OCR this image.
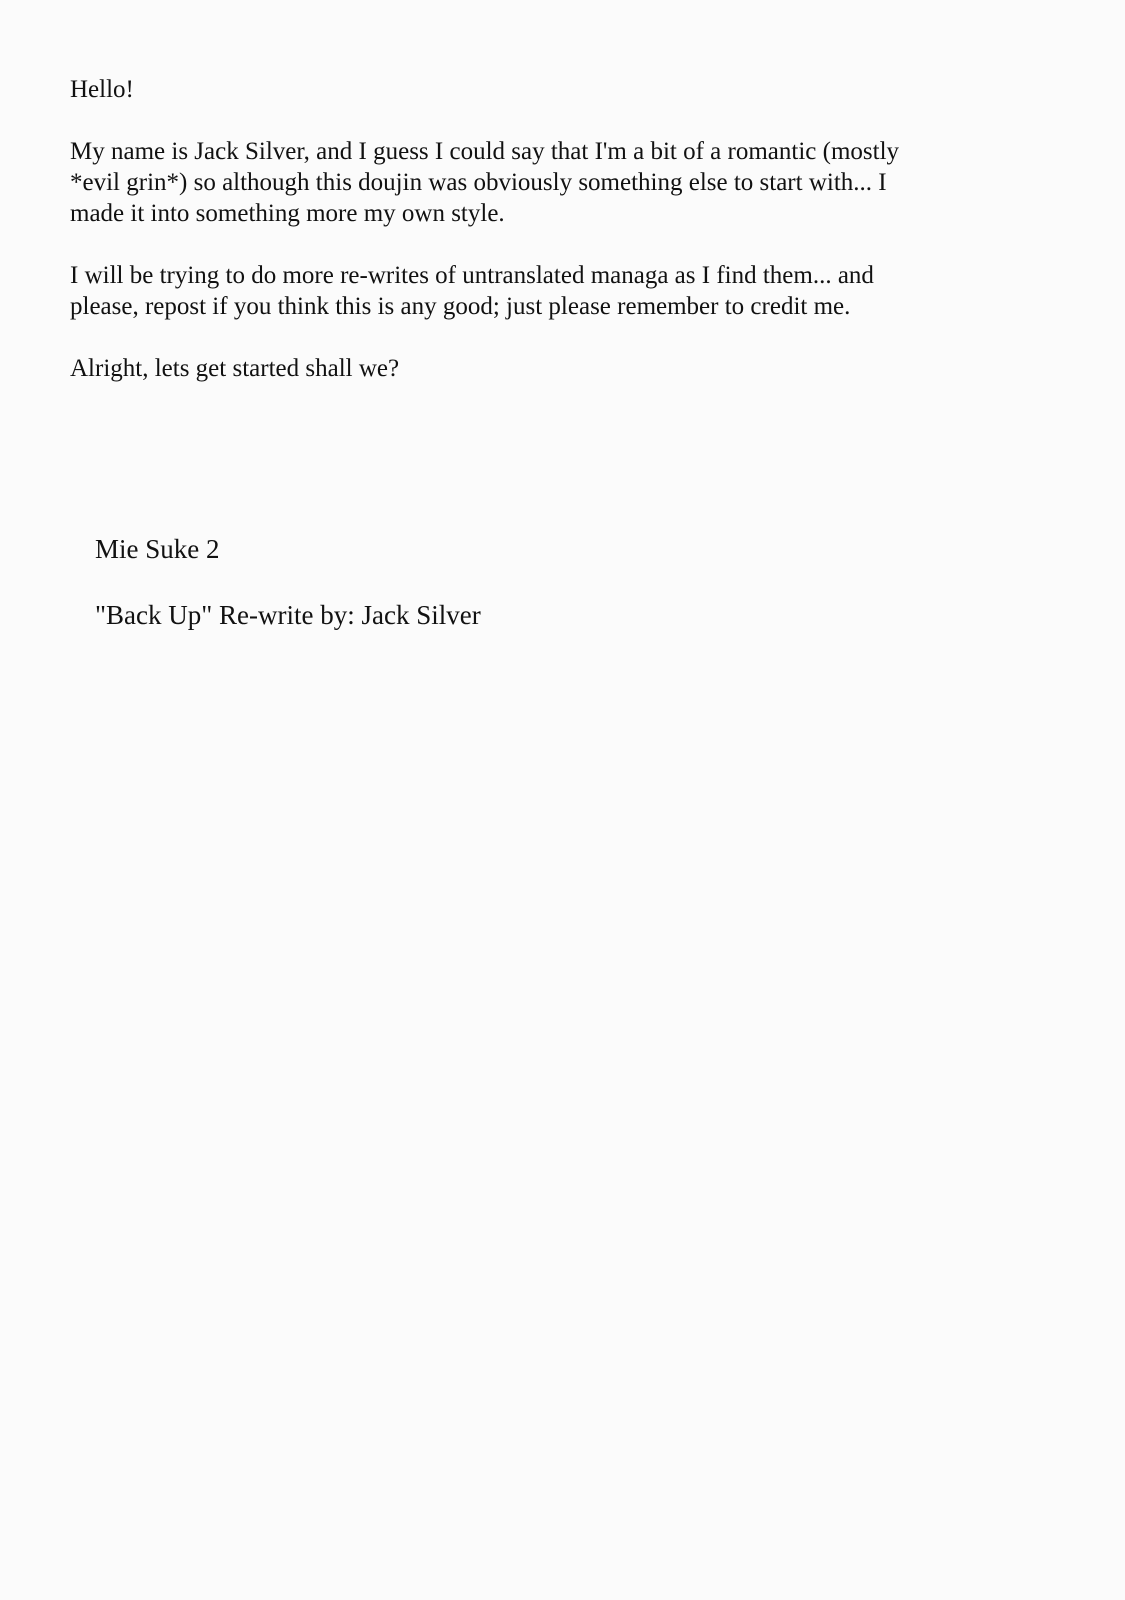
Hello!

My name is Jack Silver, and I guess I could say that I'm a bit of a romantic (mostly
*evil grin*) so although this doujin was obviously something else to start with... I
made it into something more my own style.

I will be trying to do more re-writes of untranslated managa as I find them... and
please, repost if you think this is any good; just please remember to credit me.

Alright, lets get started shall we?

Mie Suke 2

"Back Up" Re-write by: Jack Silver
